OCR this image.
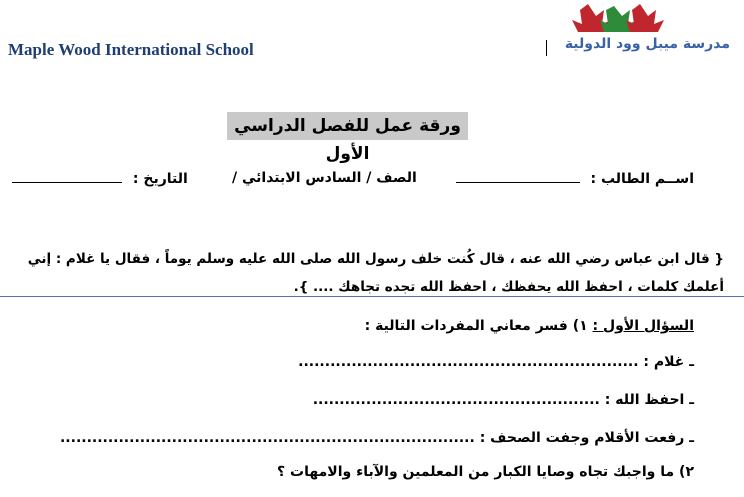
Maple Wood International School	مدرسة ميبل وود الدولية
ورقة عمل للفصل الدراسي الأول
اســم الطالب :
الصف / السادس الابتدائي /
التاريخ :
{ قال ابن عباس رضي الله عنه ، قال كُنت خلف رسول الله صلى الله عليه وسلم يوماً ، فقال يا غلام : إني
أعلمك كلمات ، احفظ الله يحفظك ، احفظ الله تجده تجاهك .... }.
السؤال الأول : ١) فسر معاني المفردات التالية :
ـ غلام : ................................................................
ـ احفظ الله : ......................................................
ـ رفعت الأقلام وجفت الصحف : ..............................................................................
٢) ما واجبك تجاه وصايا الكبار من المعلمين والآباء والامهات ؟
